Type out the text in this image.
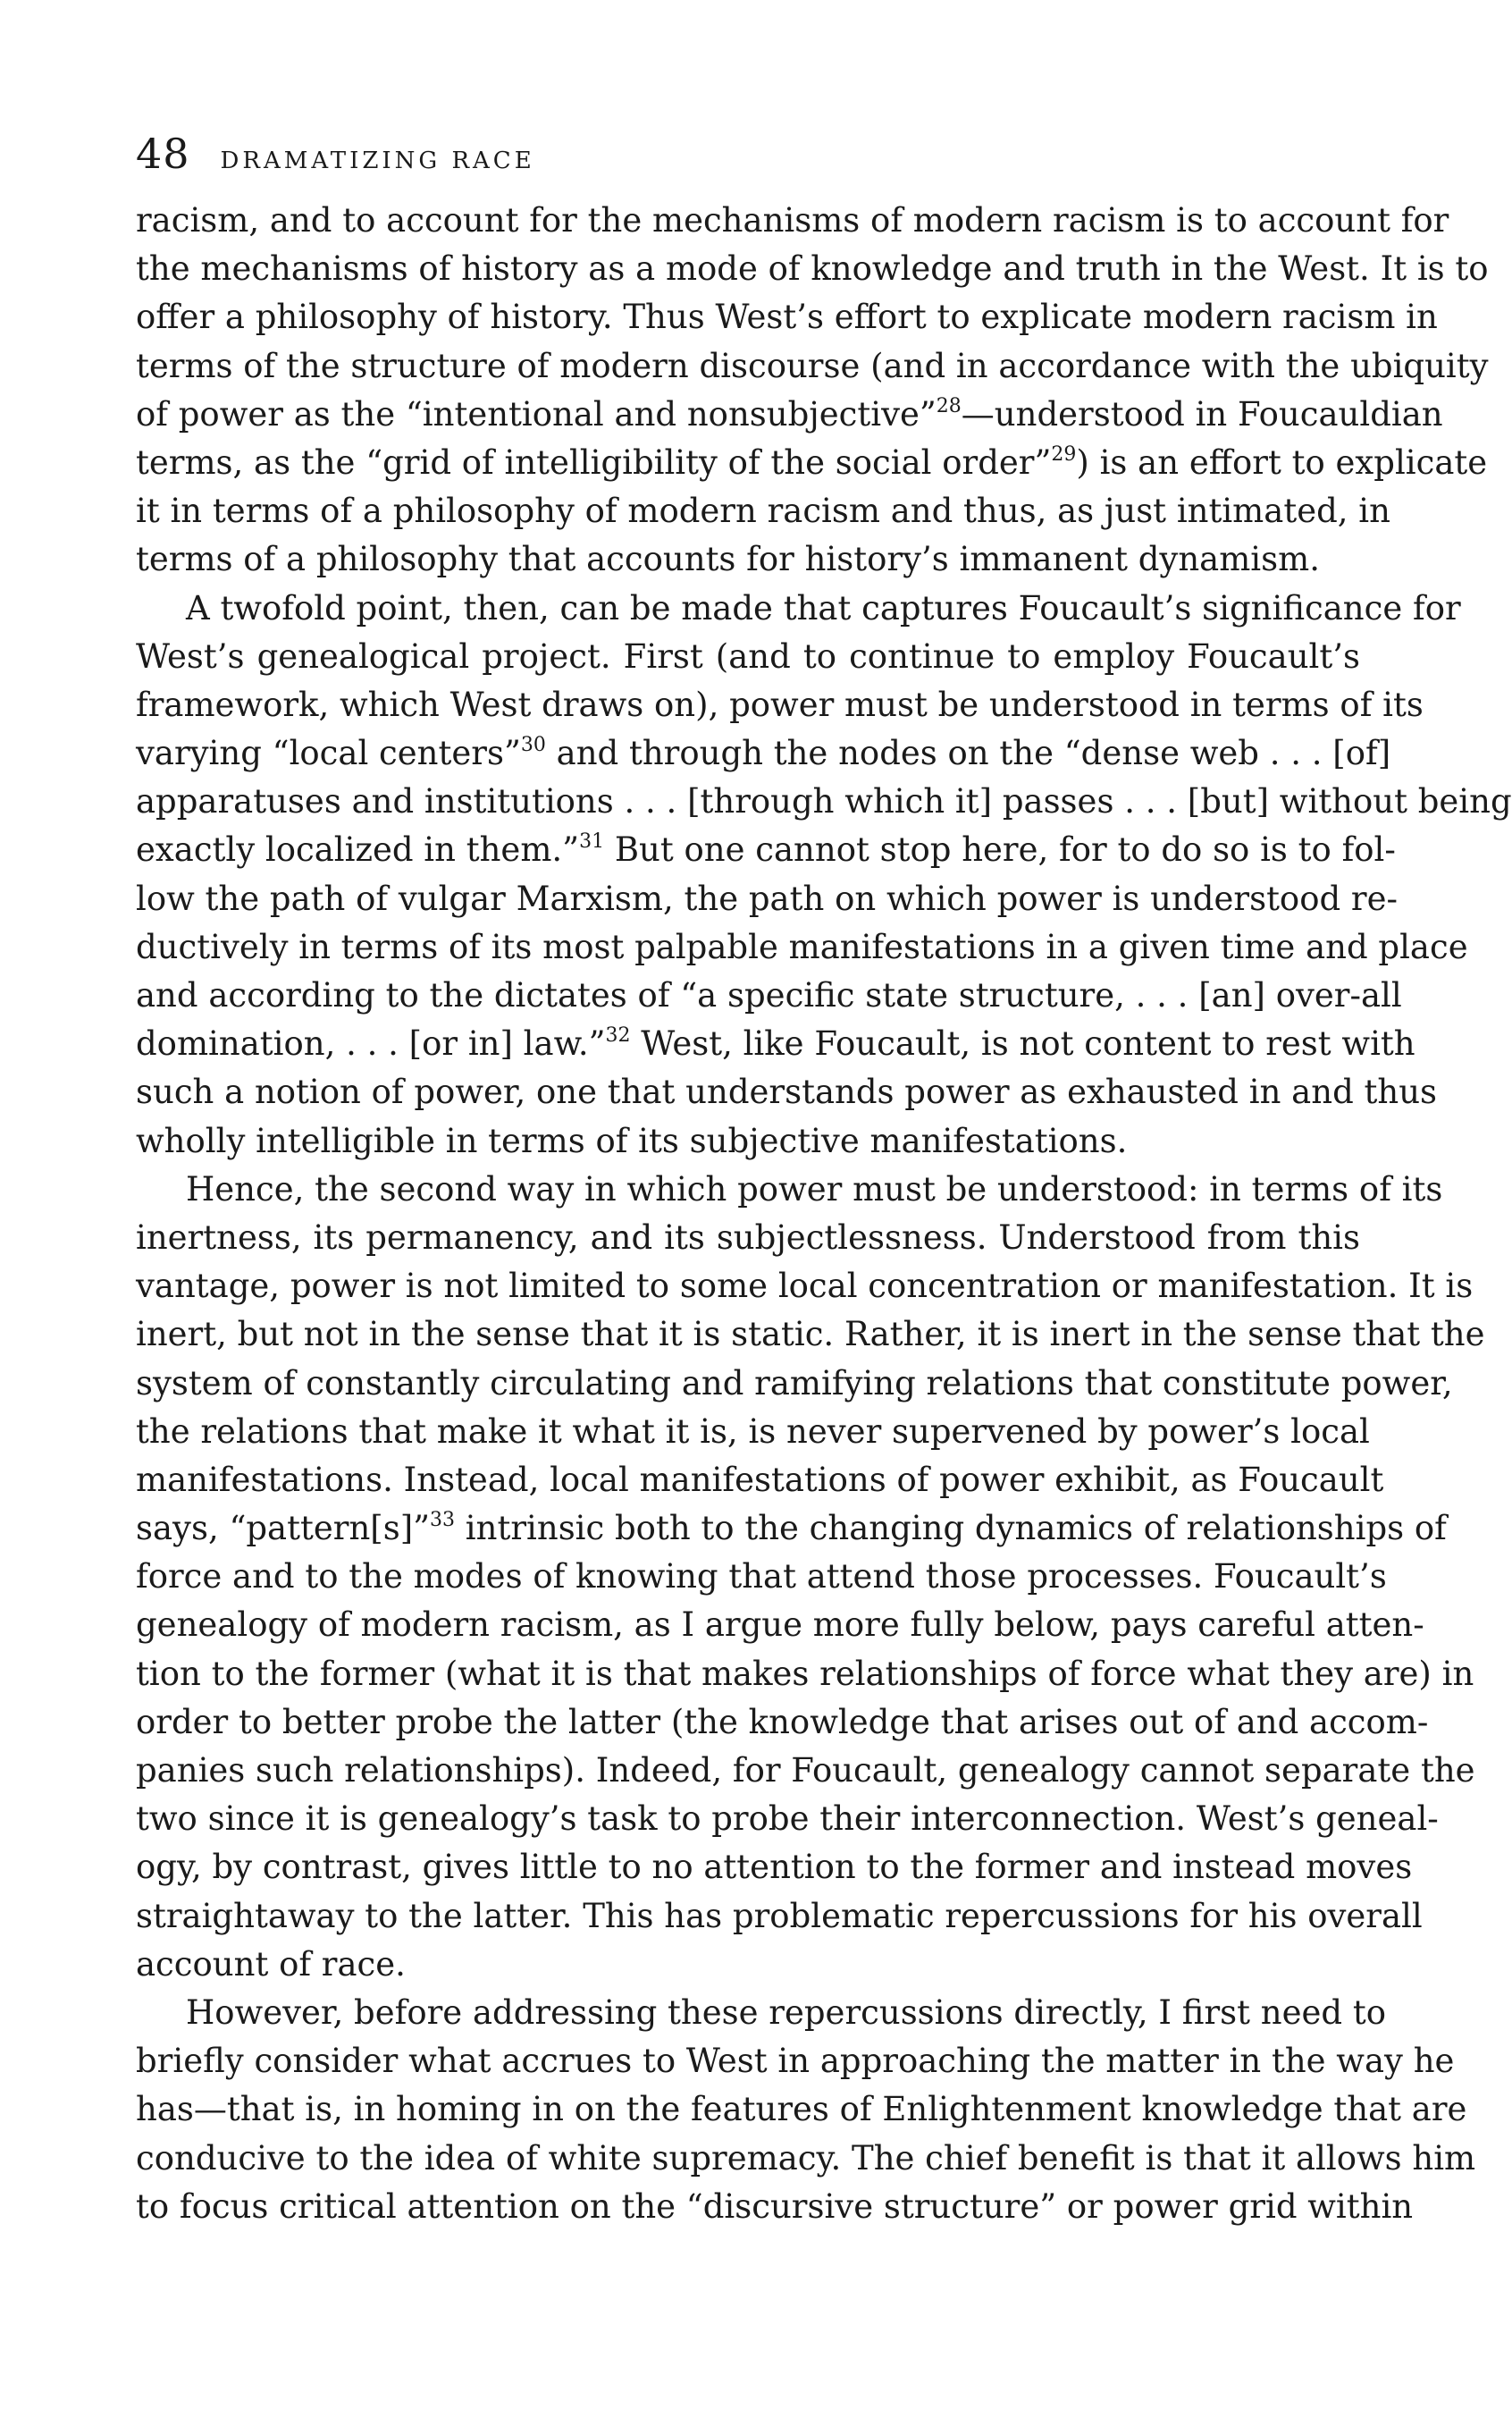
48 DRAMATIZING RACE
racism, and to account for the mechanisms of modern racism is to account for
the mechanisms of history as a mode of knowledge and truth in the West. It is to
offer a philosophy of history. Thus West’s effort to explicate modern racism in
terms of the structure of modern discourse (and in accordance with the ubiquity
of power as the “intentional and nonsubjective”$^{28}$—understood in Foucauldian
terms, as the “grid of intelligibility of the social order”$^{29}$) is an effort to explicate
it in terms of a philosophy of modern racism and thus, as just intimated, in
terms of a philosophy that accounts for history’s immanent dynamism.
A twofold point, then, can be made that captures Foucault’s significance for
West’s genealogical project. First (and to continue to employ Foucault’s
framework, which West draws on), power must be understood in terms of its
varying “local centers”$^{30}$ and through the nodes on the “dense web . . . [of]
apparatuses and institutions . . . [through which it] passes . . . [but] without being
exactly localized in them.”$^{31}$ But one cannot stop here, for to do so is to fol-
low the path of vulgar Marxism, the path on which power is understood re-
ductively in terms of its most palpable manifestations in a given time and place
and according to the dictates of “a specific state structure, . . . [an] over-all
domination, . . . [or in] law.”$^{32}$ West, like Foucault, is not content to rest with
such a notion of power, one that understands power as exhausted in and thus
wholly intelligible in terms of its subjective manifestations.
Hence, the second way in which power must be understood: in terms of its
inertness, its permanency, and its subjectlessness. Understood from this
vantage, power is not limited to some local concentration or manifestation. It is
inert, but not in the sense that it is static. Rather, it is inert in the sense that the
system of constantly circulating and ramifying relations that constitute power,
the relations that make it what it is, is never supervened by power’s local
manifestations. Instead, local manifestations of power exhibit, as Foucault
says, “pattern[s]”$^{33}$ intrinsic both to the changing dynamics of relationships of
force and to the modes of knowing that attend those processes. Foucault’s
genealogy of modern racism, as I argue more fully below, pays careful atten-
tion to the former (what it is that makes relationships of force what they are) in
order to better probe the latter (the knowledge that arises out of and accom-
panies such relationships). Indeed, for Foucault, genealogy cannot separate the
two since it is genealogy’s task to probe their interconnection. West’s geneal-
ogy, by contrast, gives little to no attention to the former and instead moves
straightaway to the latter. This has problematic repercussions for his overall
account of race.
However, before addressing these repercussions directly, I first need to
briefly consider what accrues to West in approaching the matter in the way he
has—that is, in homing in on the features of Enlightenment knowledge that are
conducive to the idea of white supremacy. The chief benefit is that it allows him
to focus critical attention on the “discursive structure” or power grid within
